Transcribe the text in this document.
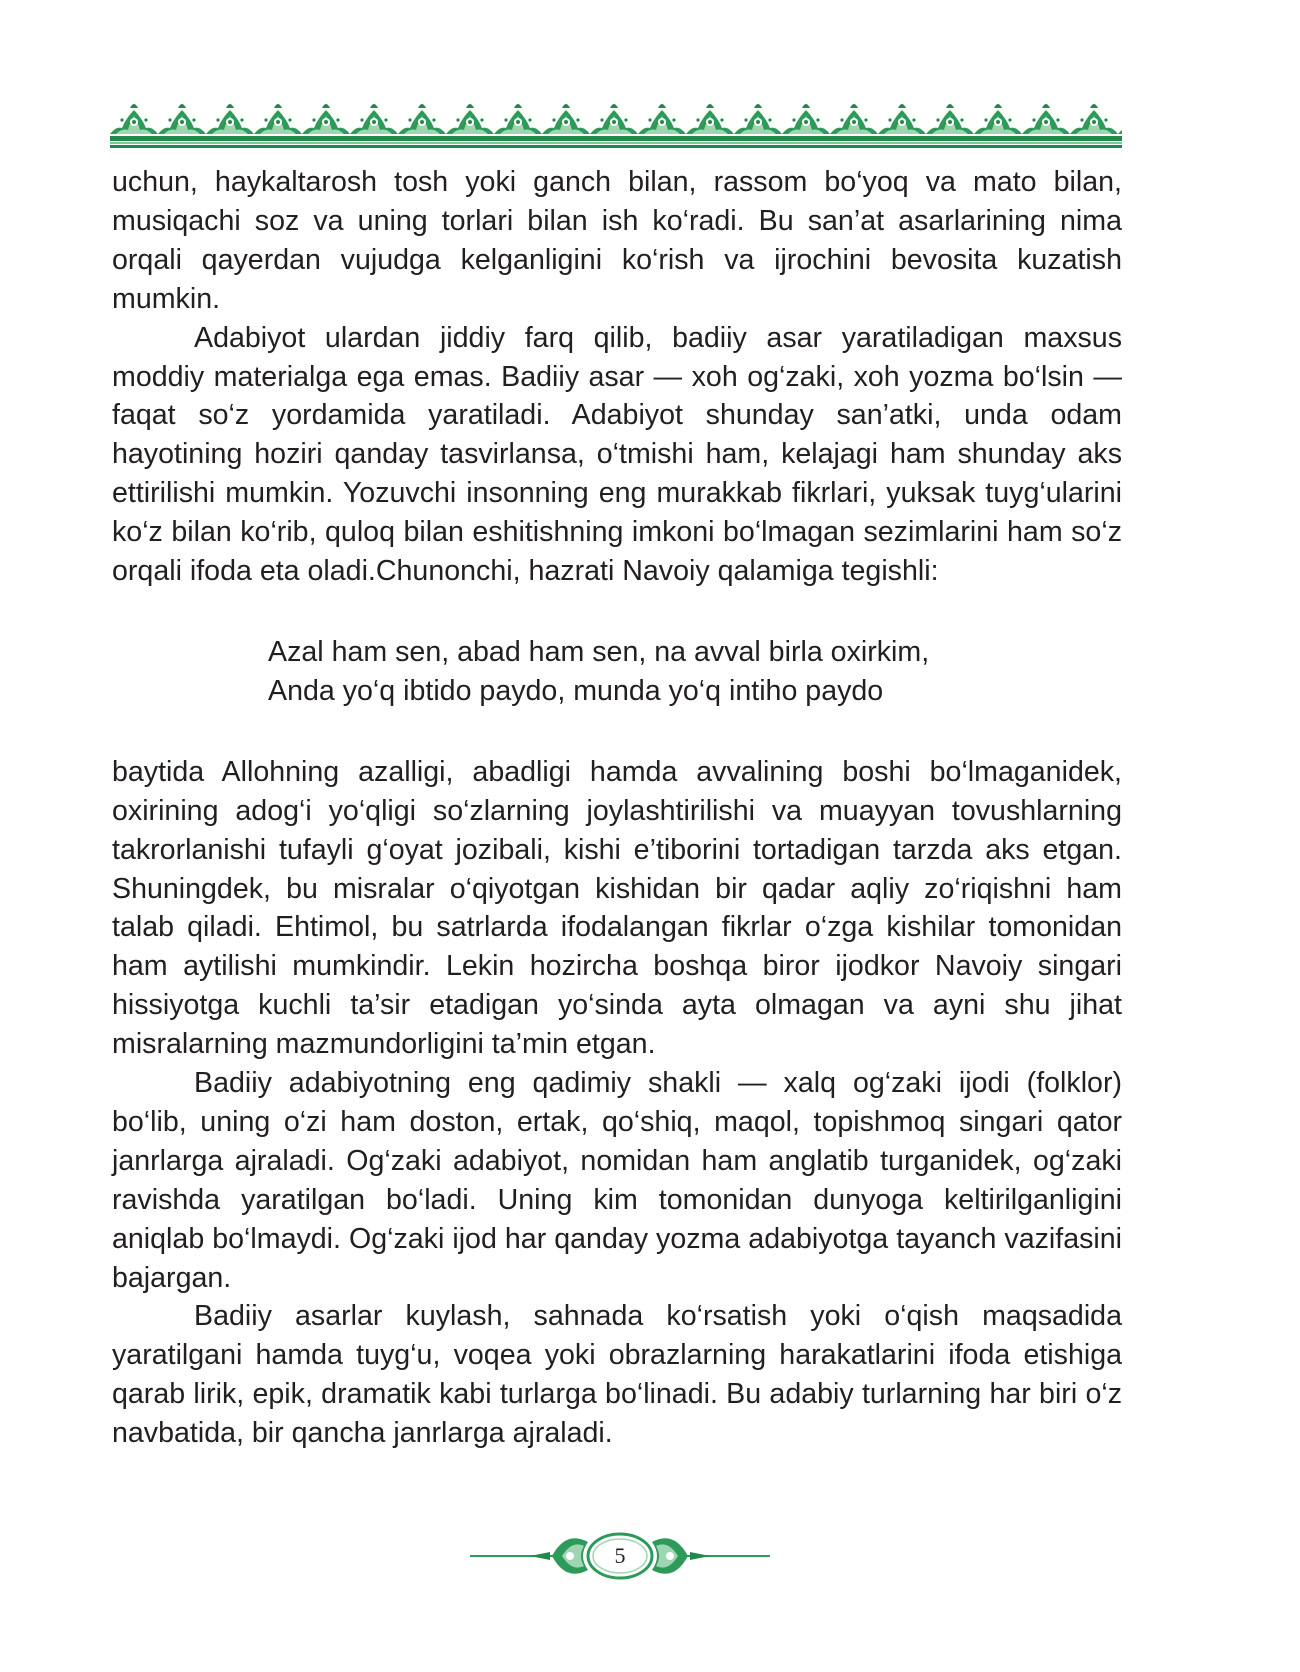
uchun, haykaltarosh tosh yoki ganch bilan, rassom bo‘yoq va mato bilan, musiqachi soz va uning torlari bilan ish ko‘radi. Bu san’at asarlarining nima orqali qayerdan vujudga kelganligini ko‘rish va ijrochini bevosita kuzatish mumkin.

Adabiyot ulardan jiddiy farq qilib, badiiy asar yaratiladigan maxsus moddiy materialga ega emas. Badiiy asar — xoh og‘zaki, xoh yozma bo‘lsin — faqat so‘z yordamida yaratiladi. Adabiyot shunday san’atki, unda odam hayotining hoziri qanday tasvirlansa, o‘tmishi ham, kelajagi ham shunday aks ettirilishi mumkin. Yozuvchi insonning eng murakkab fikrlari, yuksak tuyg‘ularini ko‘z bilan ko‘rib, quloq bilan eshitishning imkoni bo‘lmagan sezimlarini ham so‘z orqali ifoda eta oladi.Chunonchi, hazrati Navoiy qalamiga tegishli:

Azal ham sen, abad ham sen, na avval birla oxirkim,
Anda yo‘q ibtido paydo, munda yo‘q intiho paydo

baytida Allohning azalligi, abadligi hamda avvalining boshi bo‘lmaganidek, oxirining adog‘i yo‘qligi so‘zlarning joylashtirilishi va muayyan tovushlarning takrorlanishi tufayli g‘oyat jozibali, kishi e’tiborini tortadigan tarzda aks etgan. Shuningdek, bu misralar o‘qiyotgan kishidan bir qadar aqliy zo‘riqishni ham talab qiladi. Ehtimol, bu satrlarda ifodalangan fikrlar o‘zga kishilar tomonidan ham aytilishi mumkindir. Lekin hozircha boshqa biror ijodkor Navoiy singari hissiyotga kuchli ta’sir etadigan yo‘sinda ayta olmagan va ayni shu jihat misralarning mazmundorligini ta’min etgan.

Badiiy adabiyotning eng qadimiy shakli — xalq og‘zaki ijodi (folklor) bo‘lib, uning o‘zi ham doston, ertak, qo‘shiq, maqol, topishmoq singari qator janrlarga ajraladi. Og‘zaki adabiyot, nomidan ham anglatib turganidek, og‘zaki ravishda yaratilgan bo‘ladi. Uning kim tomonidan dunyoga keltirilganligini aniqlab bo‘lmaydi. Og‘zaki ijod har qanday yozma adabiyotga tayanch vazifasini bajargan.

Badiiy asarlar kuylash, sahnada ko‘rsatish yoki o‘qish maqsadida yaratilgani hamda tuyg‘u, voqea yoki obrazlarning harakatlarini ifoda etishiga qarab lirik, epik, dramatik kabi turlarga bo‘linadi. Bu adabiy turlarning har biri o‘z navbatida, bir qancha janrlarga ajraladi.

5
